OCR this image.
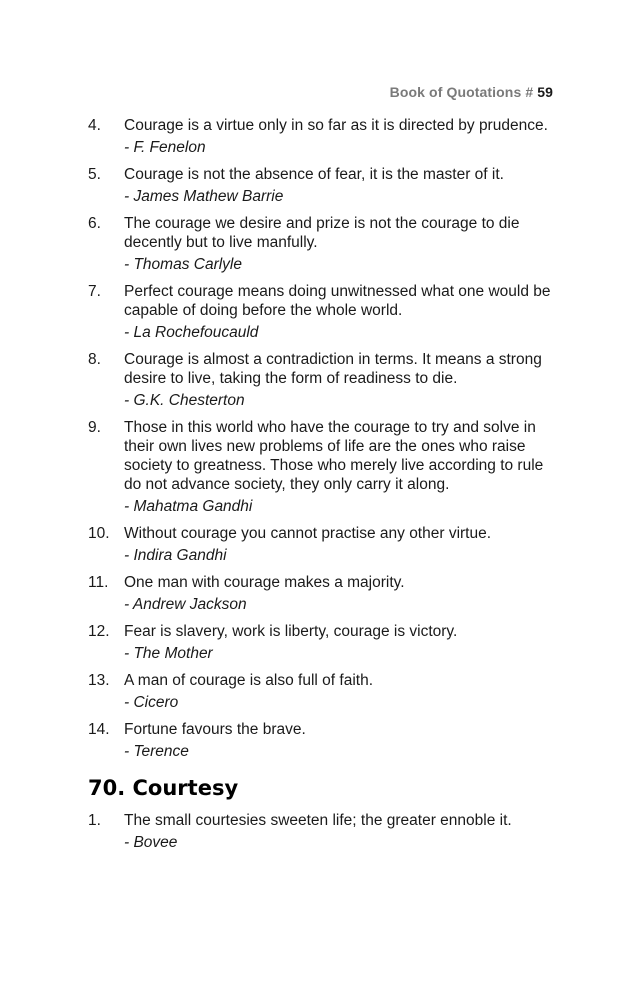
Book of Quotations # 59
4.	Courage is a virtue only in so far as it is directed by prudence.

- F. Fenelon
5.	Courage is not the absence of fear, it is the master of it.

- James Mathew Barrie
6.	The courage we desire and prize is not the courage to die decently but to live manfully.

- Thomas Carlyle
7.	Perfect courage means doing unwitnessed what one would be capable of doing before the whole world.

- La Rochefoucauld
8.	Courage is almost a contradiction in terms. It means a strong desire to live, taking the form of readiness to die.

- G.K. Chesterton
9.	Those in this world who have the courage to try and solve in their own lives new problems of life are the ones who raise society to greatness. Those who merely live according to rule do not advance society, they only carry it along.

- Mahatma Gandhi
10. Without courage you cannot practise any other virtue.

- Indira Gandhi
11.	One man with courage makes a majority.

- Andrew Jackson
12. Fear is slavery, work is liberty, courage is victory.

- The Mother
13. A man of courage is also full of faith.

- Cicero
14. Fortune favours the brave.

- Terence
70. Courtesy
1.	The small courtesies sweeten life; the greater ennoble it.

- Bovee
